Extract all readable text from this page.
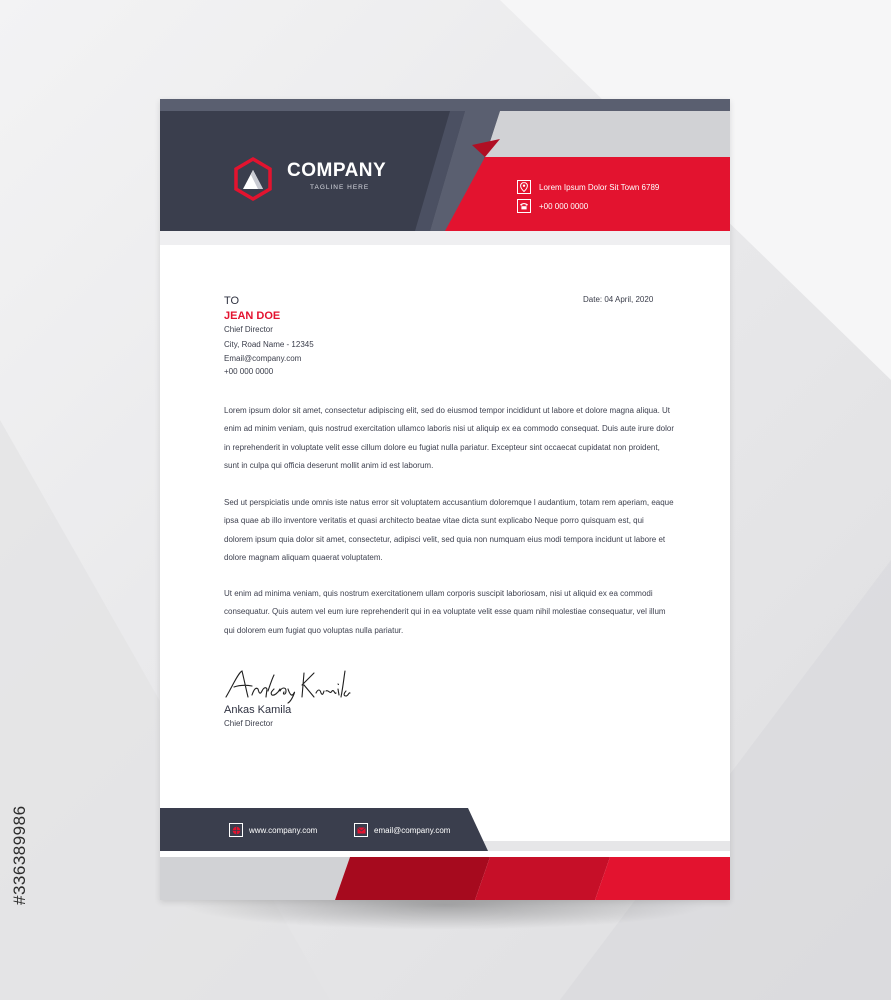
#336389986
COMPANY
TAGLINE HERE	Lorem Ipsum Dolor Sit Town 6789
+00 000 0000
TO
JEAN DOE
Chief Director
City, Road Name - 12345
Email@company.com
+00 000 0000
Date: 04 April, 2020

Lorem ipsum dolor sit amet, consectetur adipiscing elit, sed do eiusmod tempor incididunt ut labore et dolore magna aliqua. Ut enim ad minim veniam, quis nostrud exercitation ullamco laboris nisi ut aliquip ex ea commodo consequat. Duis aute irure dolor in reprehenderit in voluptate velit esse cillum dolore eu fugiat nulla pariatur. Excepteur sint occaecat cupidatat non proident, sunt in culpa qui officia deserunt mollit anim id est laborum.

Sed ut perspiciatis unde omnis iste natus error sit voluptatem accusantium doloremque l audantium, totam rem aperiam, eaque ipsa quae ab illo inventore veritatis et quasi architecto beatae vitae dicta sunt explicabo Neque porro quisquam est, qui dolorem ipsum quia dolor sit amet, consectetur, adipisci velit, sed quia non numquam eius modi tempora incidunt ut labore et dolore magnam aliquam quaerat voluptatem.

Ut enim ad minima veniam, quis nostrum exercitationem ullam corporis suscipit laboriosam, nisi ut aliquid ex ea commodi consequatur. Quis autem vel eum iure reprehenderit qui in ea voluptate velit esse quam nihil molestiae consequatur, vel illum qui dolorem eum fugiat quo voluptas nulla pariatur.

Ankas Kamila
Chief Director
www.company.com	email@company.com
